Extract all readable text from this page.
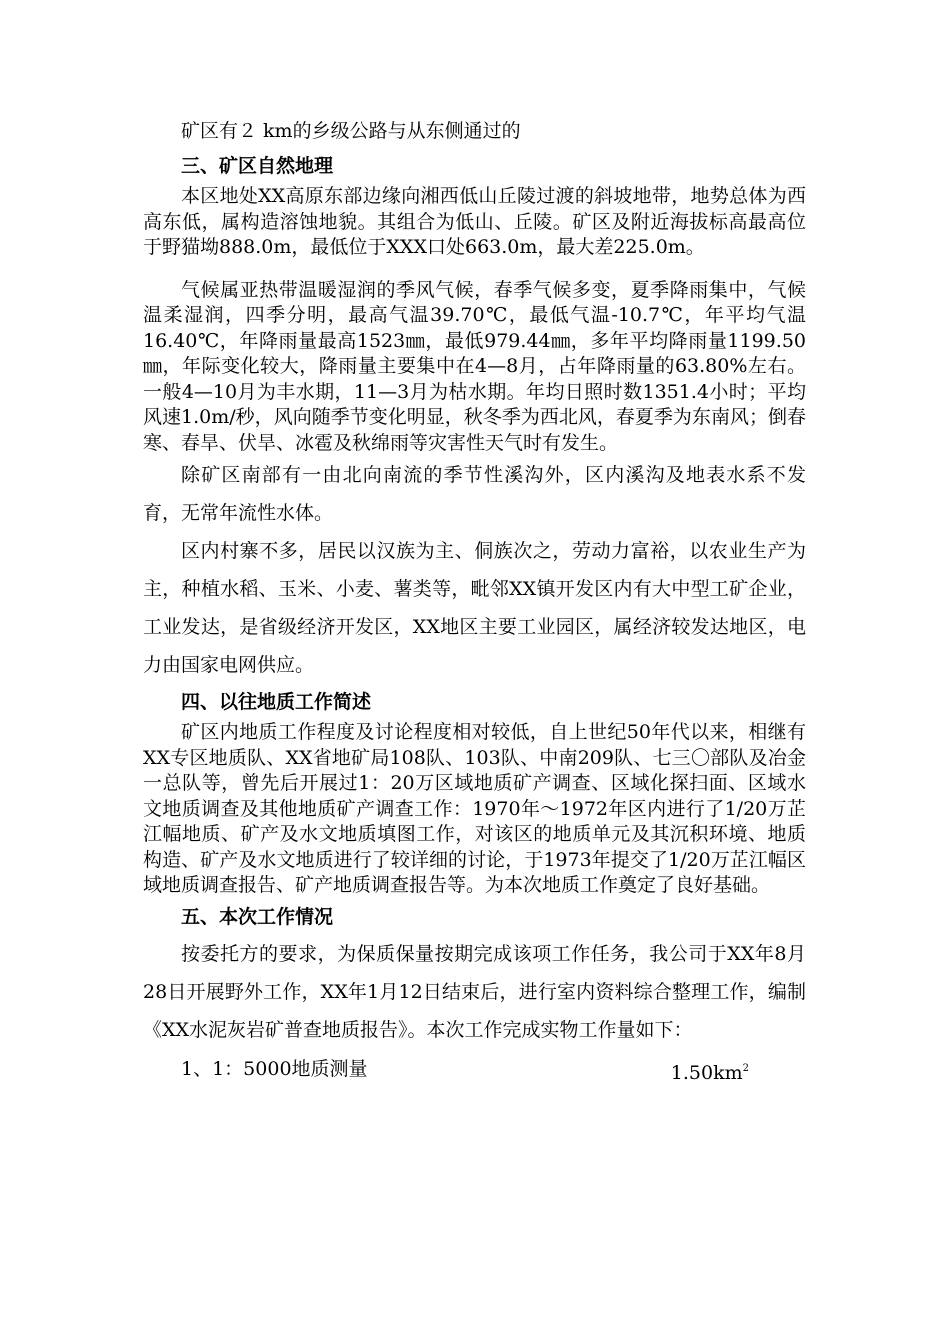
矿区有２ km的乡级公路与从东侧通过的

三、矿区自然地理

本区地处XX高原东部边缘向湘西低山丘陵过渡的斜坡地带，地势总体为西高东低，属构造溶蚀地貌。其组合为低山、丘陵。矿区及附近海拔标高最高位于野猫坳888.0m，最低位于XXX口处663.0m，最大差225.0m。

气候属亚热带温暖湿润的季风气候，春季气候多变，夏季降雨集中，气候温柔湿润，四季分明，最高气温39.70℃，最低气温-10.7℃，年平均气温16.40℃，年降雨量最高1523㎜，最低979.44㎜，多年平均降雨量1199.50㎜，年际变化较大，降雨量主要集中在4—8月，占年降雨量的63.80%左右。一般4—10月为丰水期，11—3月为枯水期。年均日照时数1351.4小时；平均风速1.0m/秒，风向随季节变化明显，秋冬季为西北风，春夏季为东南风；倒春寒、春旱、伏旱、冰雹及秋绵雨等灾害性天气时有发生。

除矿区南部有一由北向南流的季节性溪沟外，区内溪沟及地表水系不发育，无常年流性水体。

区内村寨不多，居民以汉族为主、侗族次之，劳动力富裕，以农业生产为主，种植水稻、玉米、小麦、薯类等，毗邻XX镇开发区内有大中型工矿企业，工业发达，是省级经济开发区，XX地区主要工业园区，属经济较发达地区，电力由国家电网供应。

四、以往地质工作简述

矿区内地质工作程度及讨论程度相对较低，自上世纪50年代以来，相继有XX专区地质队、XX省地矿局108队、103队、中南209队、七三〇部队及冶金一总队等，曾先后开展过1：20万区域地质矿产调查、区域化探扫面、区域水文地质调查及其他地质矿产调查工作：1970年～1972年区内进行了1/20万芷江幅地质、矿产及水文地质填图工作，对该区的地质单元及其沉积环境、地质构造、矿产及水文地质进行了较详细的讨论，于1973年提交了1/20万芷江幅区域地质调查报告、矿产地质调查报告等。为本次地质工作奠定了良好基础。

五、本次工作情况

按委托方的要求，为保质保量按期完成该项工作任务，我公司于XX年8月28日开展野外工作，XX年1月12日结束后，进行室内资料综合整理工作，编制《XX水泥灰岩矿普查地质报告》。本次工作完成实物工作量如下：

1、1：5000地质测量	$1.50km^2$
